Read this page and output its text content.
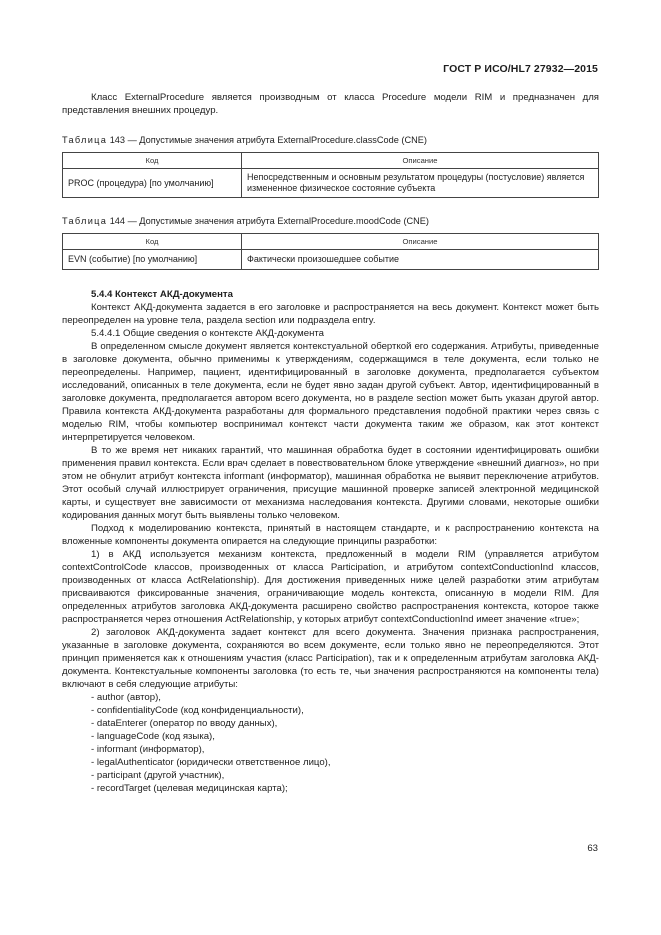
ГОСТ Р ИСО/HL7 27932—2015

Класс ExternalProcedure является производным от класса Procedure модели RIM и предназначен для представления внешних процедур.

Таблица 143 — Допустимые значения атрибута ExternalProcedure.classCode (CNE)

Код	Описание
PROC (процедура) [по умолчанию]	Непосредственным и основным результатом процедуры (постусловие) является измененное физическое состояние субъекта

Таблица 144 — Допустимые значения атрибута ExternalProcedure.moodCode (CNE)

Код	Описание
EVN (событие) [по умолчанию]	Фактически произошедшее событие

5.4.4 Контекст АКД-документа

Контекст АКД-документа задается в его заголовке и распространяется на весь документ. Контекст может быть переопределен на уровне тела, раздела section или подраздела entry.

5.4.4.1 Общие сведения о контексте АКД-документа

В определенном смысле документ является контекстуальной оберткой его содержания. Атрибуты, приведенные в заголовке документа, обычно применимы к утверждениям, содержащимся в теле документа, если только не переопределены. Например, пациент, идентифицированный в заголовке документа, предполагается субъектом исследований, описанных в теле документа, если не будет явно задан другой субъект. Автор, идентифицированный в заголовке документа, предполагается автором всего документа, но в разделе section может быть указан другой автор. Правила контекста АКД-документа разработаны для формального представления подобной практики через связь с моделью RIM, чтобы компьютер воспринимал контекст части документа таким же образом, как этот контекст интерпретируется человеком.

В то же время нет никаких гарантий, что машинная обработка будет в состоянии идентифицировать ошибки применения правил контекста. Если врач сделает в повествовательном блоке утверждение «внешний диагноз», но при этом не обнулит атрибут контекста informant (информатор), машинная обработка не выявит переключение атрибутов. Этот особый случай иллюстрирует ограничения, присущие машинной проверке записей электронной медицинской карты, и существует вне зависимости от механизма наследования контекста. Другими словами, некоторые ошибки кодирования данных могут быть выявлены только человеком.

Подход к моделированию контекста, принятый в настоящем стандарте, и к распространению контекста на вложенные компоненты документа опирается на следующие принципы разработки:

1) в АКД используется механизм контекста, предложенный в модели RIM (управляется атрибутом contextControlCode классов, производенных от класса Participation, и атрибутом contextConductionInd классов, производенных от класса ActRelationship). Для достижения приведенных ниже целей разработки этим атрибутам присваиваются фиксированные значения, ограничивающие модель контекста, описанную в модели RIM. Для определенных атрибутов заголовка АКД-документа расширено свойство распространения контекста, которое также распространяется через отношения ActRelationship, у которых атрибут contextConductionInd имеет значение «true»;

2) заголовок АКД-документа задает контекст для всего документа. Значения признака распространения, указанные в заголовке документа, сохраняются во всем документе, если только явно не переопределяются. Этот принцип применяется как к отношениям участия (класс Participation), так и к определенным атрибутам заголовка АКД-документа. Контекстуальные компоненты заголовка (то есть те, чьи значения распространяются на компоненты тела) включают в себя следующие атрибуты:

- author (автор),
- confidentialityCode (код конфиденциальности),
- dataEnterer (оператор по вводу данных),
- languageCode (код языка),
- informant (информатор),
- legalAuthenticator (юридически ответственное лицо),
- participant (другой участник),
- recordTarget (целевая медицинская карта);
63
